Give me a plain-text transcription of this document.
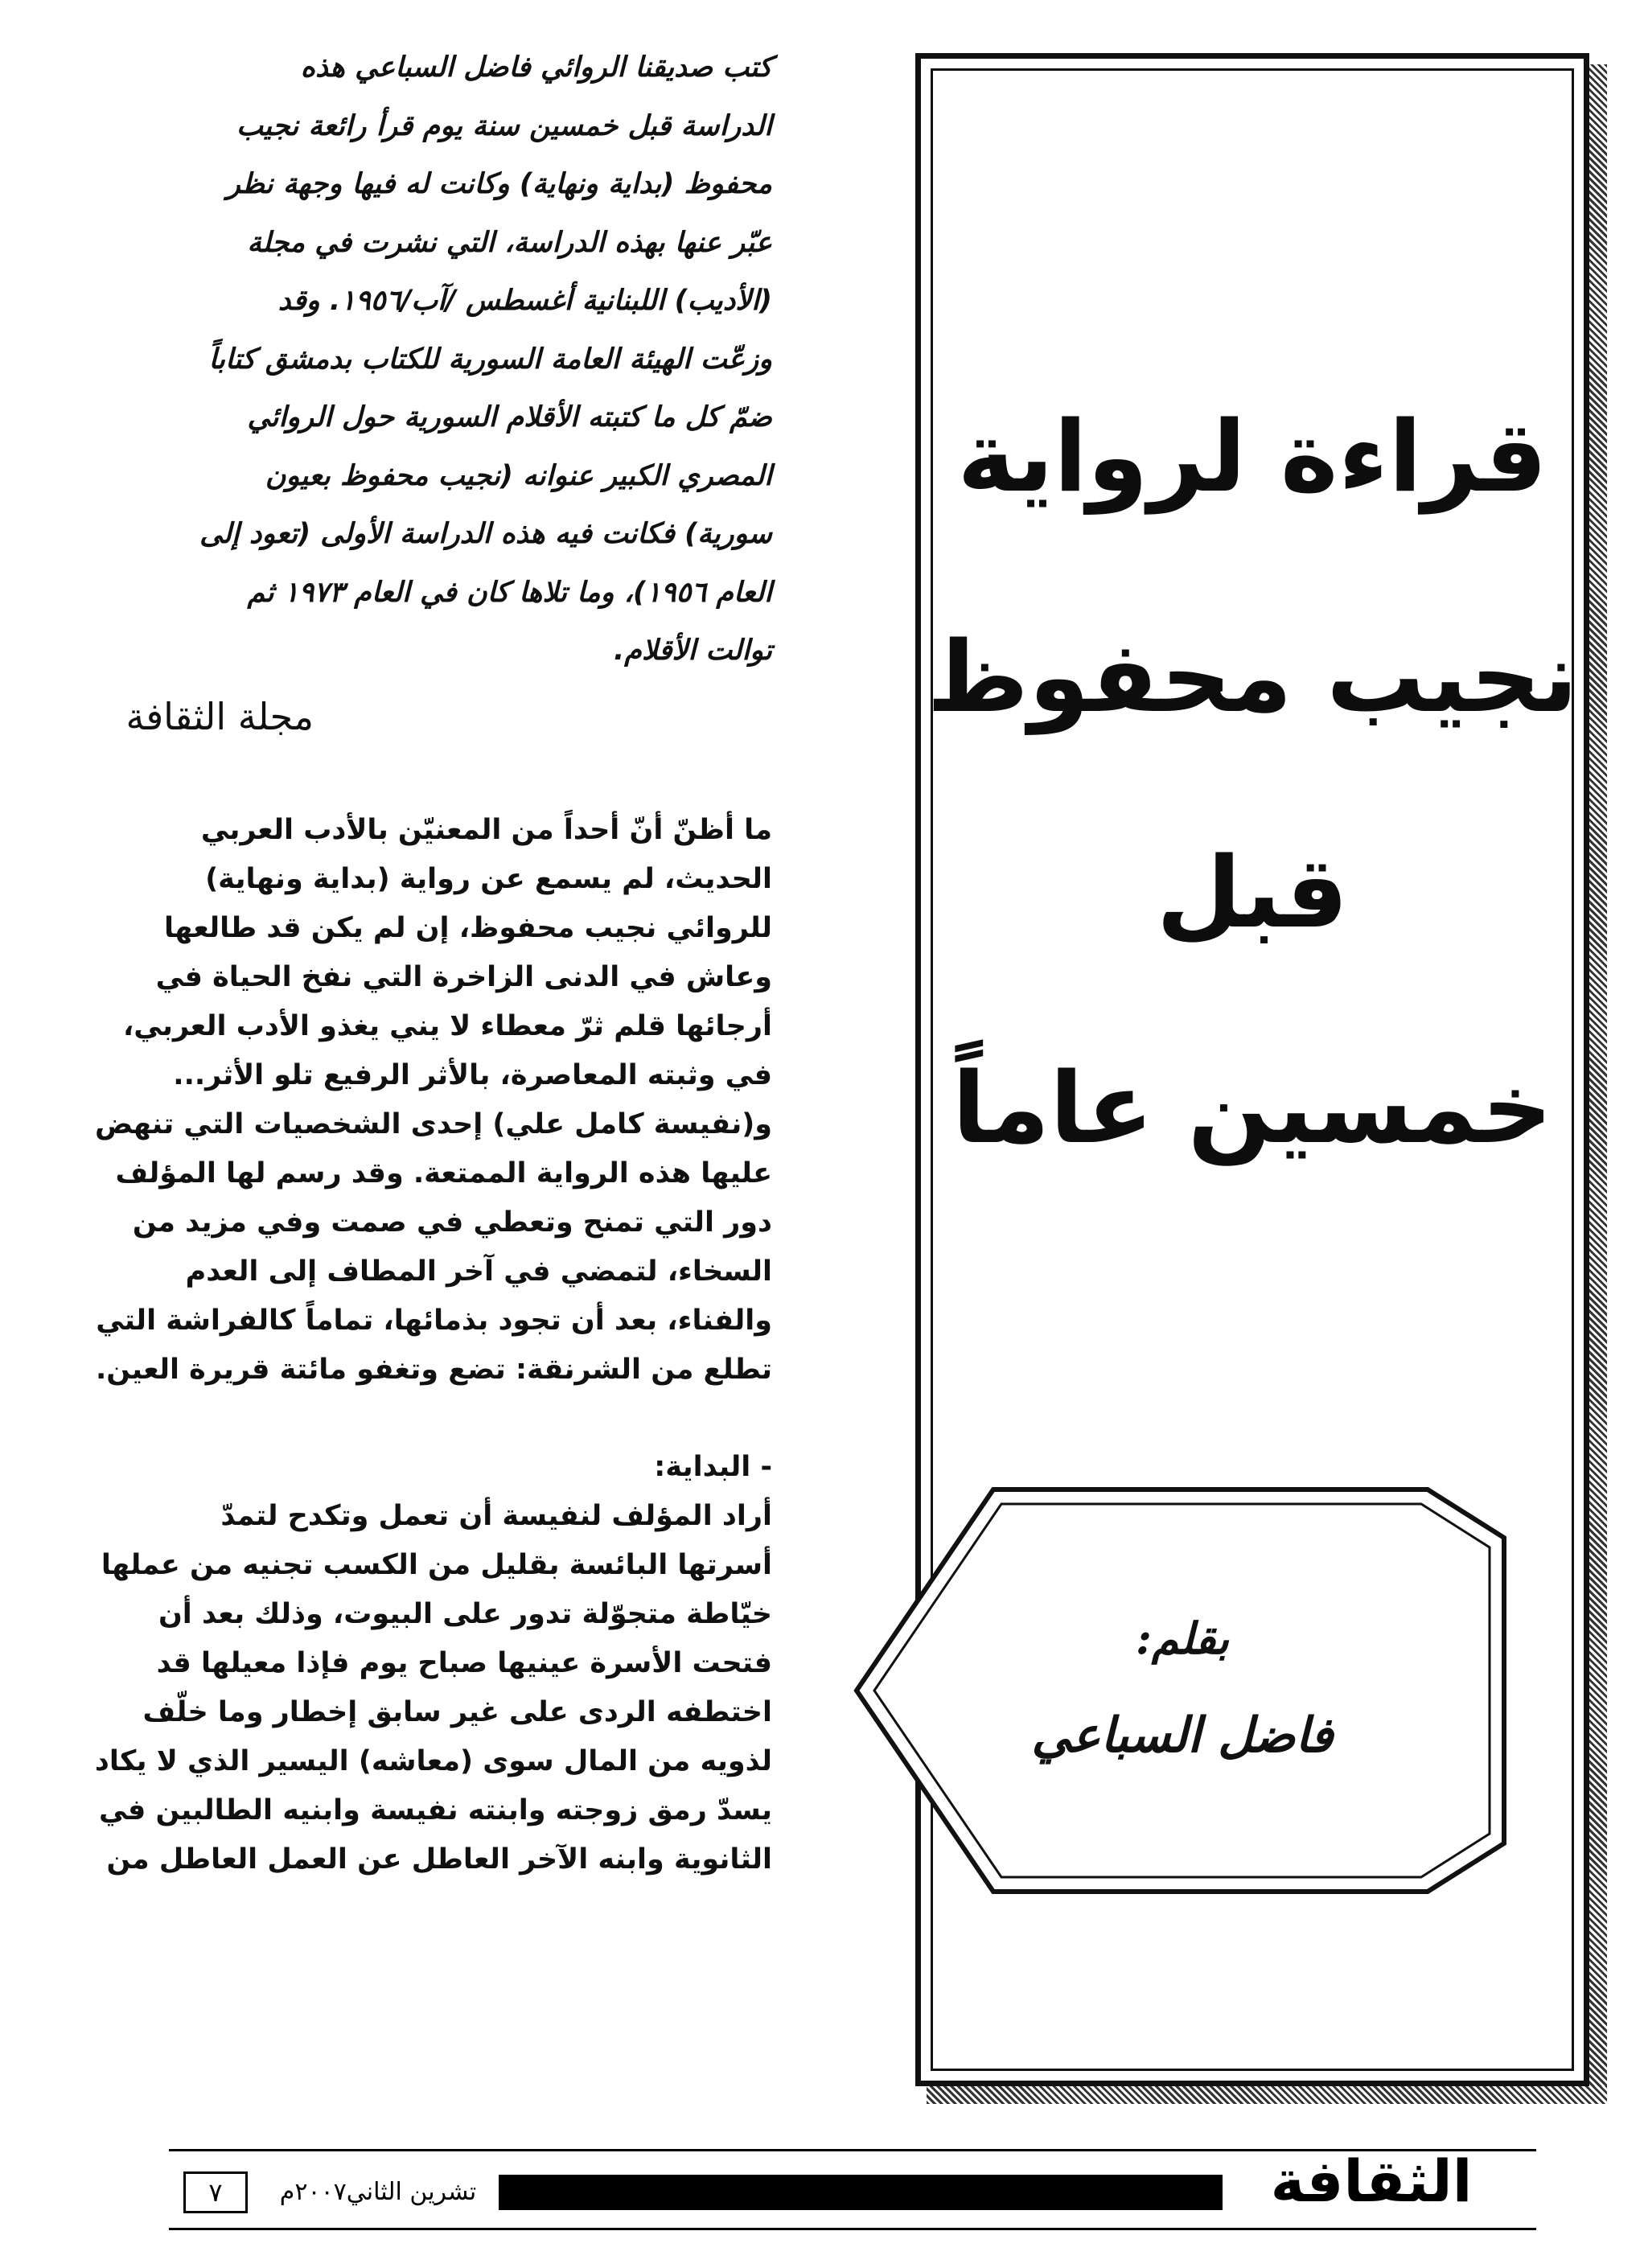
كتب صديقنا الروائي فاضل السباعي هذه
الدراسة قبل خمسين سنة يوم قرأ رائعة نجيب
محفوظ (بداية ونهاية) وكانت له فيها وجهة نظر
عبّر عنها بهذه الدراسة، التي نشرت في مجلة
(الأديب) اللبنانية أغسطس /آب/١٩٥٦. وقد
وزعّت الهيئة العامة السورية للكتاب بدمشق كتاباً
ضمّ كل ما كتبته الأقلام السورية حول الروائي
المصري الكبير عنوانه (نجيب محفوظ بعيون
سورية) فكانت فيه هذه الدراسة الأولى (تعود إلى
العام ١٩٥٦)، وما تلاها كان في العام ١٩٧٣ ثم
توالت الأقلام.

مجلة الثقافة

ما أظنّ أنّ أحداً من المعنيّن بالأدب العربي
الحديث، لم يسمع عن رواية (بداية ونهاية)
للروائي نجيب محفوظ، إن لم يكن قد طالعها
وعاش في الدنى الزاخرة التي نفخ الحياة في
أرجائها قلم ثرّ معطاء لا يني يغذو الأدب العربي،
في وثبته المعاصرة، بالأثر الرفيع تلو الأثر...
و(نفيسة كامل علي) إحدى الشخصيات التي تنهض
عليها هذه الرواية الممتعة. وقد رسم لها المؤلف
دور التي تمنح وتعطي في صمت وفي مزيد من
السخاء، لتمضي في آخر المطاف إلى العدم
والفناء، بعد أن تجود بذمائها، تماماً كالفراشة التي
تطلع من الشرنقة: تضع وتغفو مائتة قريرة العين.

- البداية:

أراد المؤلف لنفيسة أن تعمل وتكدح لتمدّ
أسرتها البائسة بقليل من الكسب تجنيه من عملها
خيّاطة متجوّلة تدور على البيوت، وذلك بعد أن
فتحت الأسرة عينيها صباح يوم فإذا معيلها قد
اختطفه الردى على غير سابق إخطار وما خلّف
لذويه من المال سوى (معاشه) اليسير الذي لا يكاد
يسدّ رمق زوجته وابنته نفيسة وابنيه الطالبين في
الثانوية وابنه الآخر العاطل عن العمل العاطل من

قراءة لرواية
نجيب محفوظ
قبل
خمسين عاماً
بقلم:
فاضل السباعي
الثقافة
تشرين الثاني٢٠٠٧م
٧
